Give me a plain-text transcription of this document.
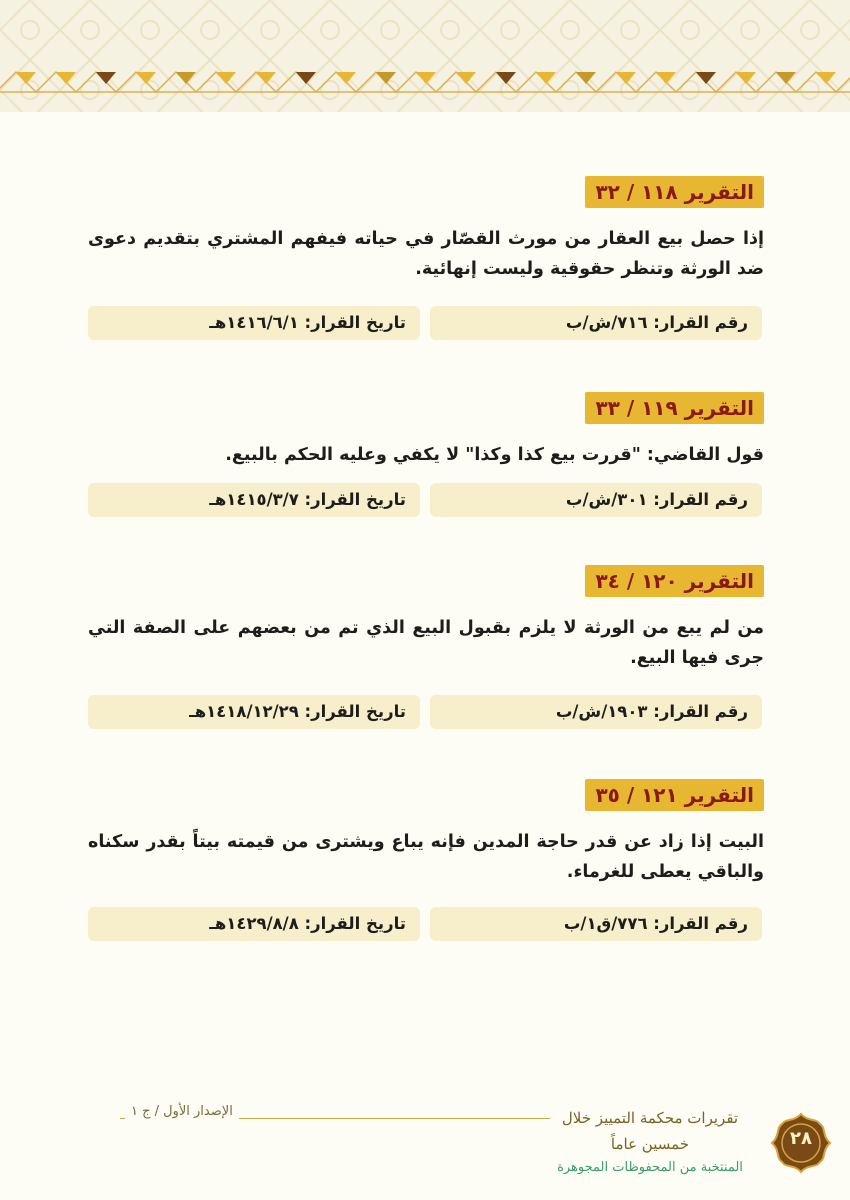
التقرير ١١٨ / ٣٢
إذا حصل بيع العقار من مورث القصّار في حياته فيفهم المشتري بتقديم دعوى ضد الورثة وتنظر حقوقية وليست إنهائية.
رقم القرار: ٧١٦/ش/ب
تاريخ القرار: ١٤١٦/٦/١هـ
التقرير ١١٩ / ٣٣
قول القاضي: "قررت بيع كذا وكذا" لا يكفي وعليه الحكم بالبيع.
رقم القرار: ٣٠١/ش/ب
تاريخ القرار: ١٤١٥/٣/٧هـ
التقرير ١٢٠ / ٣٤
من لم يبع من الورثة لا يلزم بقبول البيع الذي تم من بعضهم على الصفة التي جرى فيها البيع.
رقم القرار: ١٩٠٣/ش/ب
تاريخ القرار: ١٤١٨/١٢/٢٩هـ
التقرير ١٢١ / ٣٥
البيت إذا زاد عن قدر حاجة المدين فإنه يباع ويشترى من قيمته بيتاً بقدر سكناه والباقي يعطى للغرماء.
رقم القرار: ٧٧٦/ق١/ب
تاريخ القرار: ١٤٢٩/٨/٨هـ
الإصدار الأول / ج ١	تقريرات محكمة التمييز خلال خمسين عاماً
المنتخبة من المحفوظات المجوهرة
٢٨
